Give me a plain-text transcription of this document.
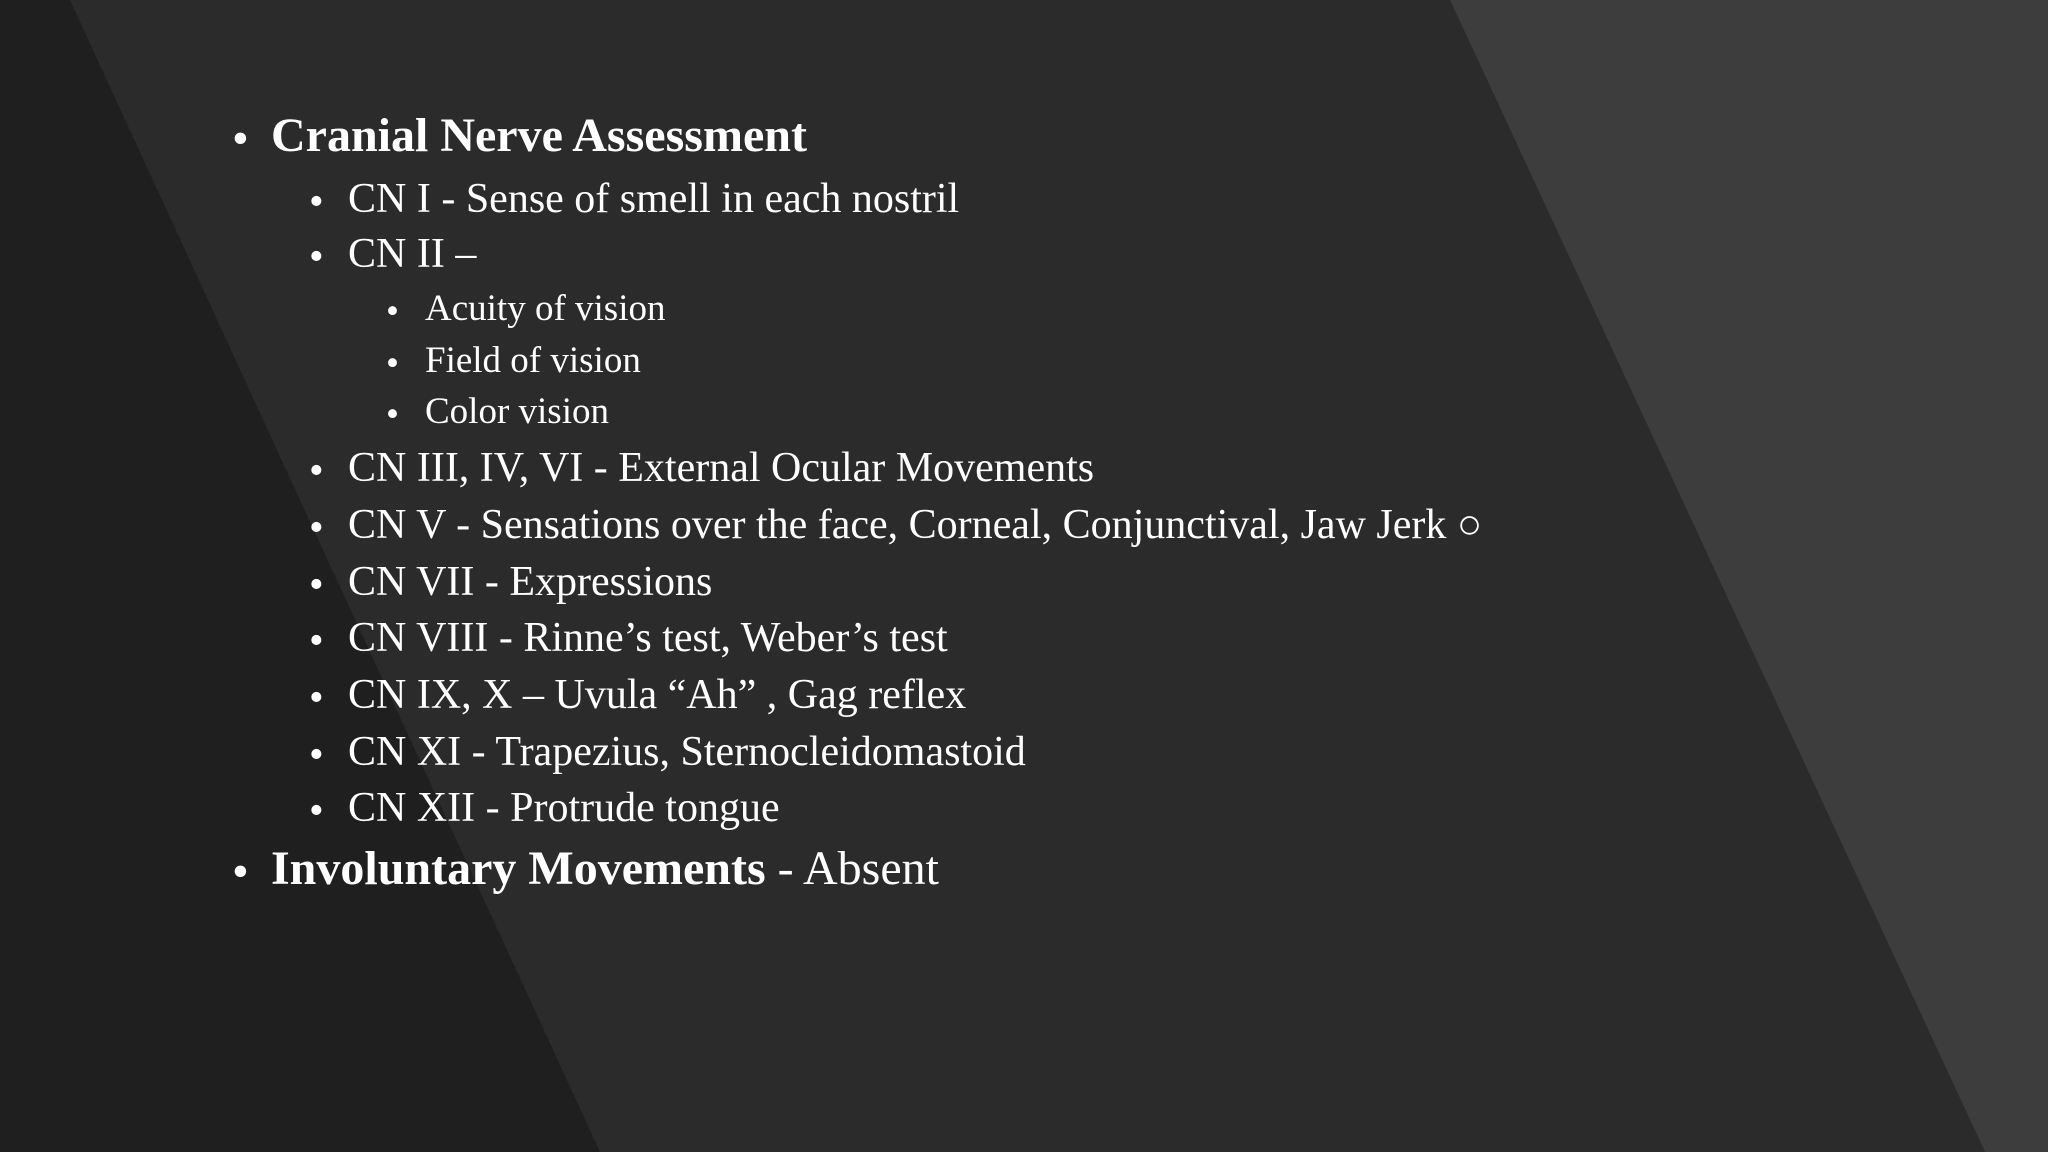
• Cranial Nerve Assessment
• CN I - Sense of smell in each nostril
• CN II –
• Acuity of vision
• Field of vision
• Color vision
• CN III, IV, VI - External Ocular Movements
• CN V - Sensations over the face, Corneal, Conjunctival, Jaw Jerk ○
• CN VII - Expressions
• CN VIII - Rinne’s test, Weber’s test
• CN IX, X – Uvula “Ah” , Gag reflex
• CN XI - Trapezius, Sternocleidomastoid
• CN XII - Protrude tongue
• Involuntary Movements - Absent
